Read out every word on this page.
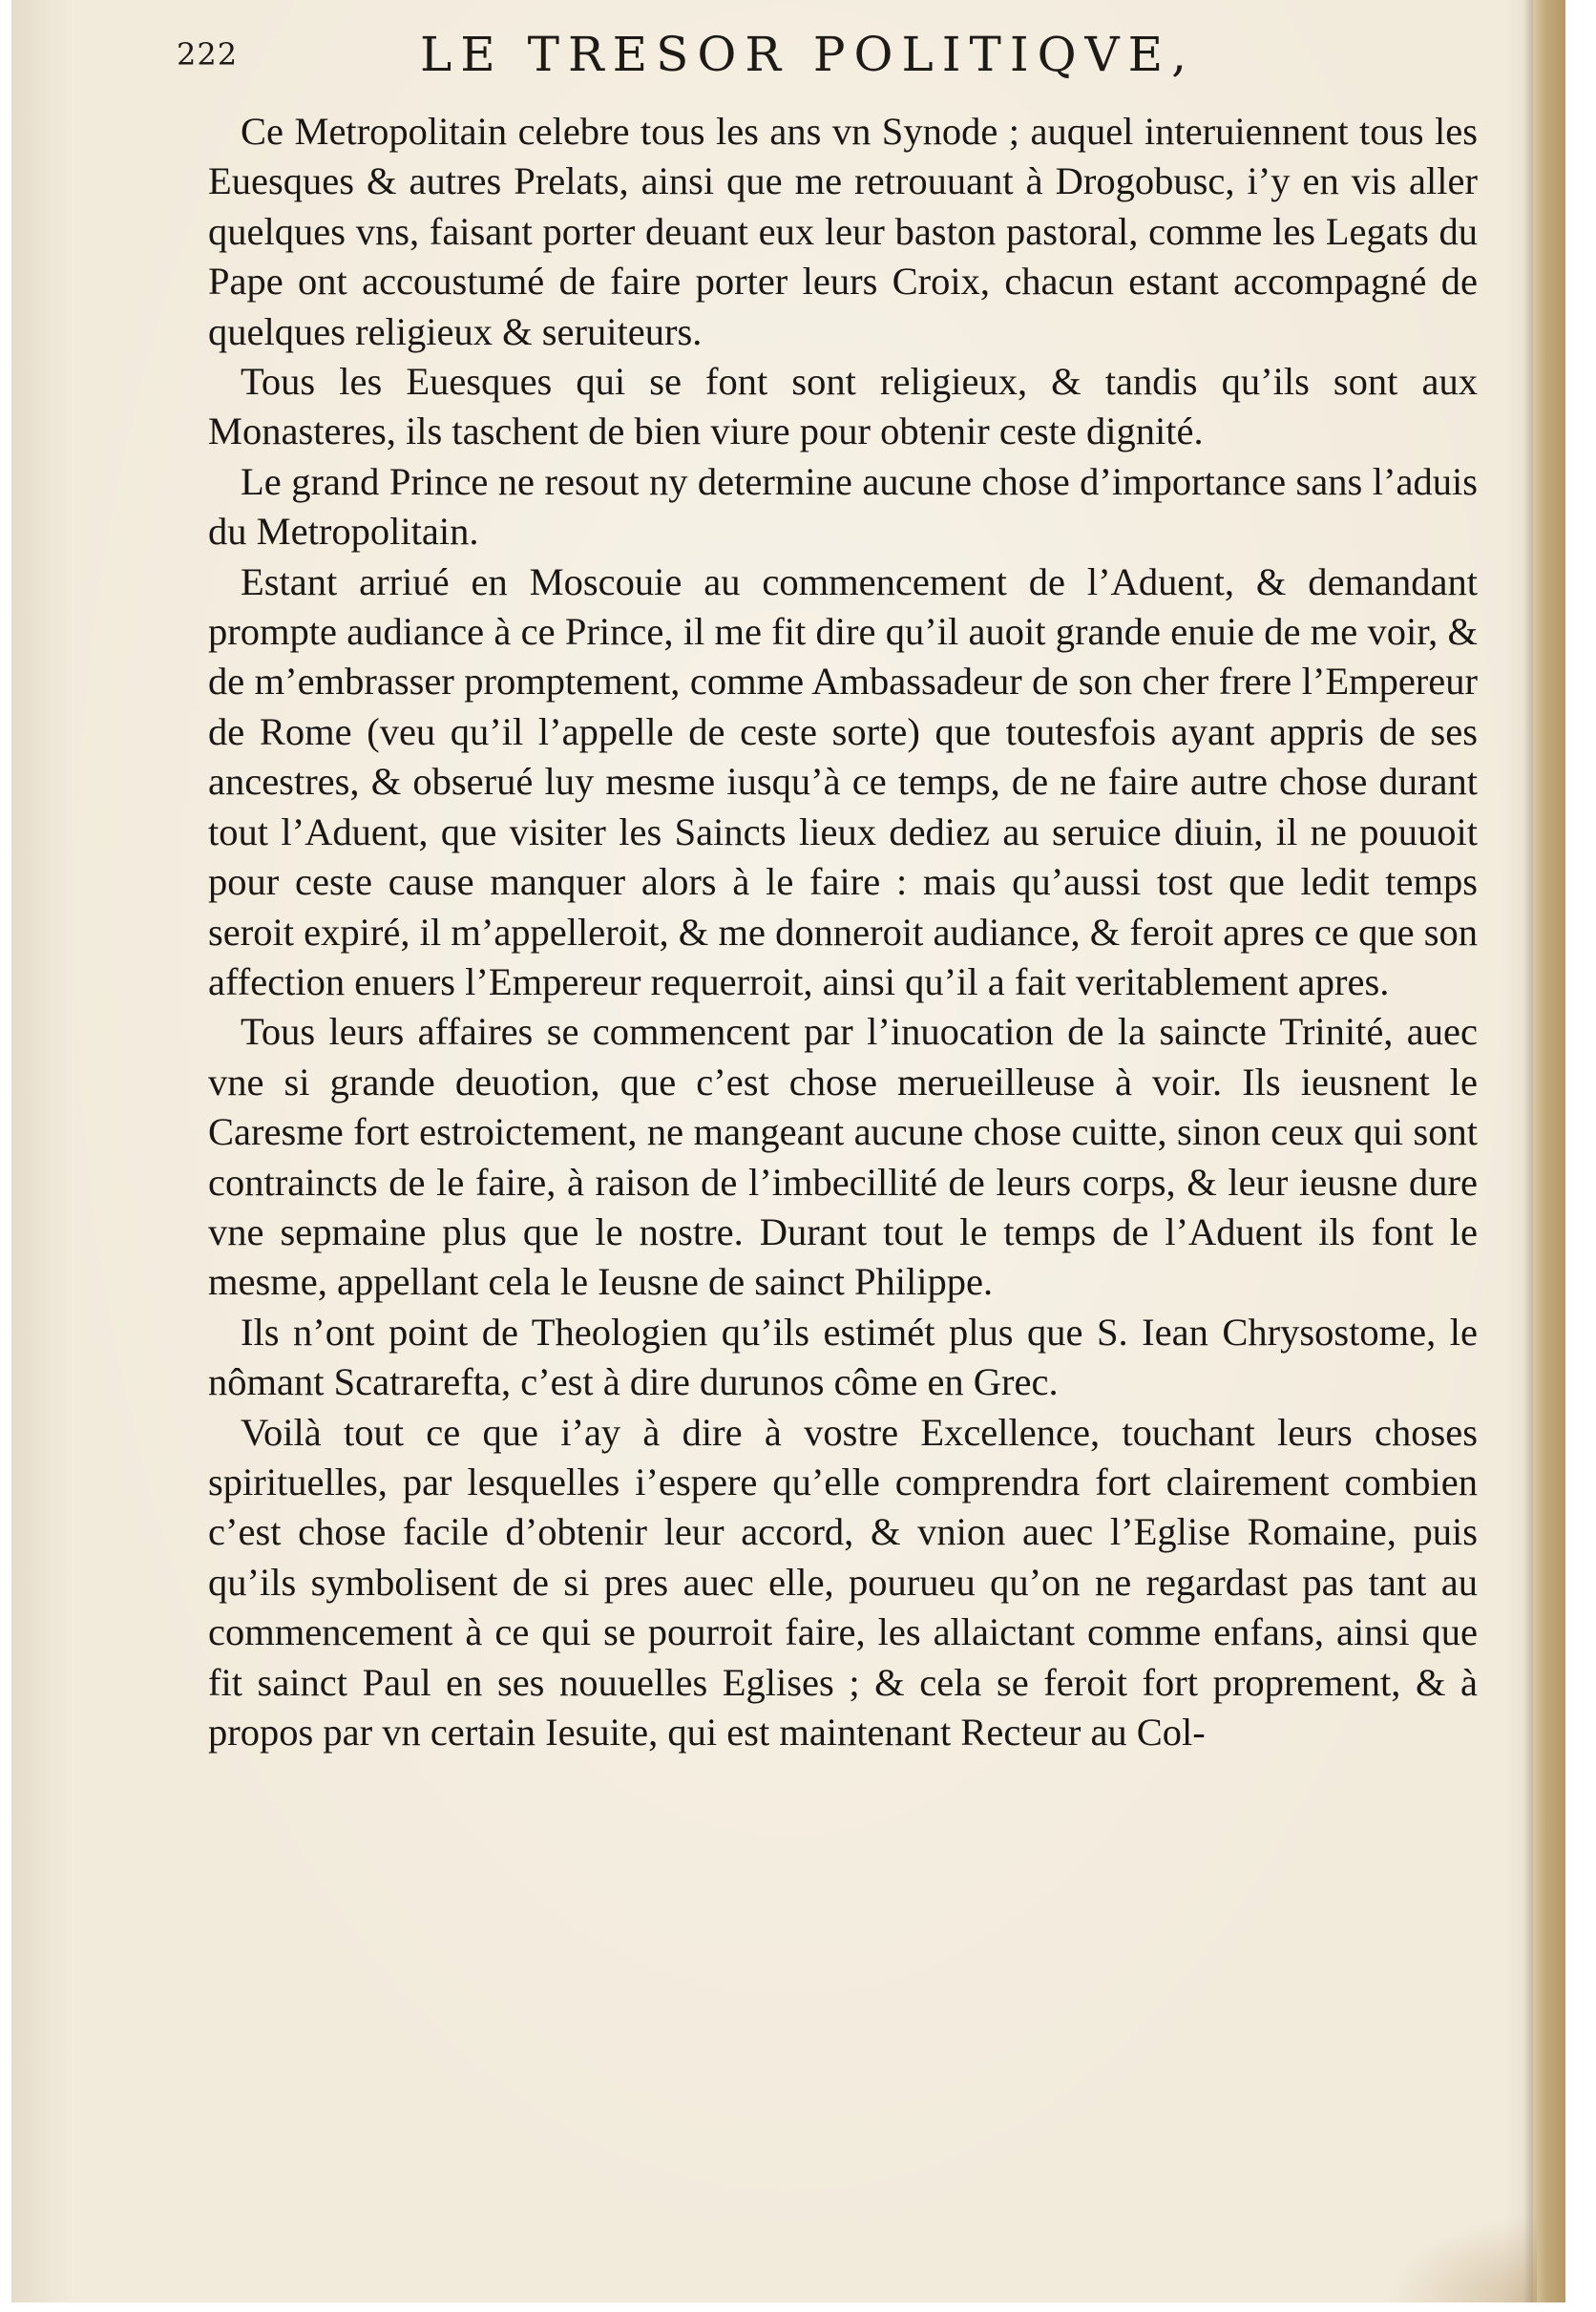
222	LE TRESOR POLITIQVE,

Ce Metropolitain celebre tous les ans vn Synode ; auquel interuiennent tous les Euesques & autres Prelats, ainsi que me retrouuant à Drogobusc, i’y en vis aller quelques vns, faisant porter deuant eux leur baston pastoral, comme les Legats du Pape ont accoustumé de faire porter leurs Croix, chacun estant accompagné de quelques religieux & seruiteurs.

Tous les Euesques qui se font sont religieux, & tandis qu’ils sont aux Monasteres, ils taschent de bien viure pour obtenir ceste dignité.

Le grand Prince ne resout ny determine aucune chose d’importance sans l’aduis du Metropolitain.

Estant arriué en Moscouie au commencement de l’Aduent, & demandant prompte audiance à ce Prince, il me fit dire qu’il auoit grande enuie de me voir, & de m’embrasser promptement, comme Ambassadeur de son cher frere l’Empereur de Rome (veu qu’il l’appelle de ceste sorte) que toutesfois ayant appris de ses ancestres, & obserué luy mesme iusqu’à ce temps, de ne faire autre chose durant tout l’Aduent, que visiter les Saincts lieux dediez au seruice diuin, il ne pouuoit pour ceste cause manquer alors à le faire : mais qu’aussi tost que ledit temps seroit expiré, il m’appelleroit, & me donneroit audiance, & feroit apres ce que son affection enuers l’Empereur requerroit, ainsi qu’il a fait veritablement apres.

Tous leurs affaires se commencent par l’inuocation de la saincte Trinité, auec vne si grande deuotion, que c’est chose merueilleuse à voir. Ils ieusnent le Caresme fort estroictement, ne mangeant aucune chose cuitte, sinon ceux qui sont contraincts de le faire, à raison de l’imbecillité de leurs corps, & leur ieusne dure vne sepmaine plus que le nostre. Durant tout le temps de l’Aduent ils font le mesme, appellant cela le Ieusne de sainct Philippe.

Ils n’ont point de Theologien qu’ils estimét plus que S. Iean Chrysostome, le nômant Scatrarefta, c’est à dire durunos côme en Grec.

Voilà tout ce que i’ay à dire à vostre Excellence, touchant leurs choses spirituelles, par lesquelles i’espere qu’elle comprendra fort clairement combien c’est chose facile d’obtenir leur accord, & vnion auec l’Eglise Romaine, puis qu’ils symbolisent de si pres auec elle, pourueu qu’on ne regardast pas tant au commencement à ce qui se pourroit faire, les allaictant comme enfans, ainsi que fit sainct Paul en ses nouuelles Eglises ; & cela se feroit fort proprement, & à propos par vn certain Iesuite, qui est maintenant Recteur au Col-
